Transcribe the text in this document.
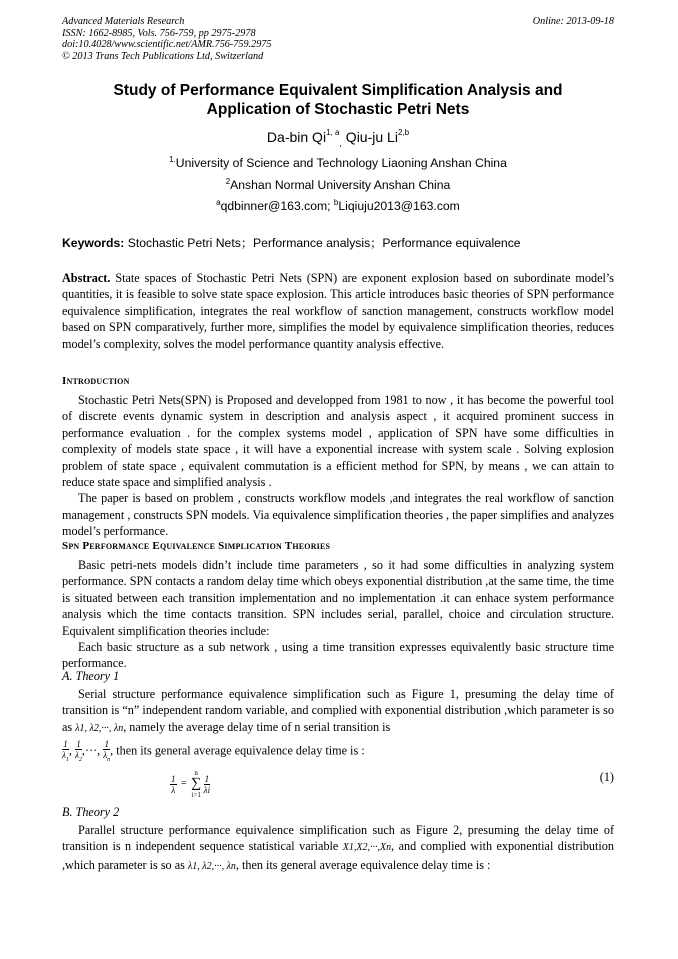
Advanced Materials Research
ISSN: 1662-8985, Vols. 756-759, pp 2975-2978
doi:10.4028/www.scientific.net/AMR.756-759.2975
© 2013 Trans Tech Publications Ltd, Switzerland
Online: 2013-09-18
Study of Performance Equivalent Simplification Analysis and
Application of Stochastic Petri Nets
Da-bin Qi$^{1, a}_,$ Qiu-ju Li$^{2,b}$
$^{1.}$University of Science and Technology Liaoning Anshan China
$^2$Anshan Normal University Anshan China
$^a$qdbinner@163.com; $^b$Liqiuju2013@163.com
Keywords: Stochastic Petri Nets；Performance analysis；Performance equivalence

Abstract. State spaces of Stochastic Petri Nets (SPN) are exponent explosion based on subordinate model’s quantities, it is feasible to solve state space explosion. This article introduces basic theories of SPN performance equivalence simplification, integrates the real workflow of sanction management, constructs workflow model based on SPN comparatively, further more, simplifies the model by equivalence simplification theories, reduces model’s complexity, solves the model performance quantity analysis effective.

Introduction

Stochastic Petri Nets(SPN) is Proposed and developped from 1981 to now , it has become the powerful tool of discrete events dynamic system in description and analysis aspect , it acquired prominent success in performance evaluation . for the complex systems model , application of SPN have some difficulties in complexity of models state space , it will have a exponential increase with system scale . Solving explosion problem of state space , equivalent commutation is a efficient method for SPN, by means , we can attain to reduce state space and simplified analysis .

The paper is based on problem , constructs workflow models ,and integrates the real workflow of sanction management , constructs SPN models. Via equivalence simplification theories , the paper simplifies and analyzes model’s performance.

Spn Performance Equivalence Simplication Theories

Basic petri-nets models didn’t include time parameters , so it had some difficulties in analyzing system performance. SPN contacts a random delay time which obeys exponential distribution ,at the same time, the time is situated between each transition implementation and no implementation .it can enhace system performance analysis which the time contacts transition. SPN includes serial, parallel, choice and circulation structure. Equivalent simplification theories include:

Each basic structure as a sub network , using a time transition expresses equivalently basic structure time performance.

A. Theory 1

Serial structure performance equivalence simplification such as Figure 1, presuming the delay time of transition is “n” independent random variable, and complied with exponential distribution ,which parameter is so as λ1, λ2,···, λn, namely the average delay time of n serial transition is

$\frac{1}{\lambda_1}$ , $\frac{1}{\lambda_2}$ ,···, $\frac{1}{\lambda_n}$ , then its general average equivalence delay time is :

$\frac{1}{\lambda}$ =
n
∑
i=1

$\frac{1}{\lambda i}$	(1)
B. Theory 2

Parallel structure performance equivalence simplification such as Figure 2, presuming the delay time of transition is n independent sequence statistical variable X1,X2,···,Xn, and complied with exponential distribution ,which parameter is so as λ1, λ2,···, λn, then its general average equivalence delay time is :
